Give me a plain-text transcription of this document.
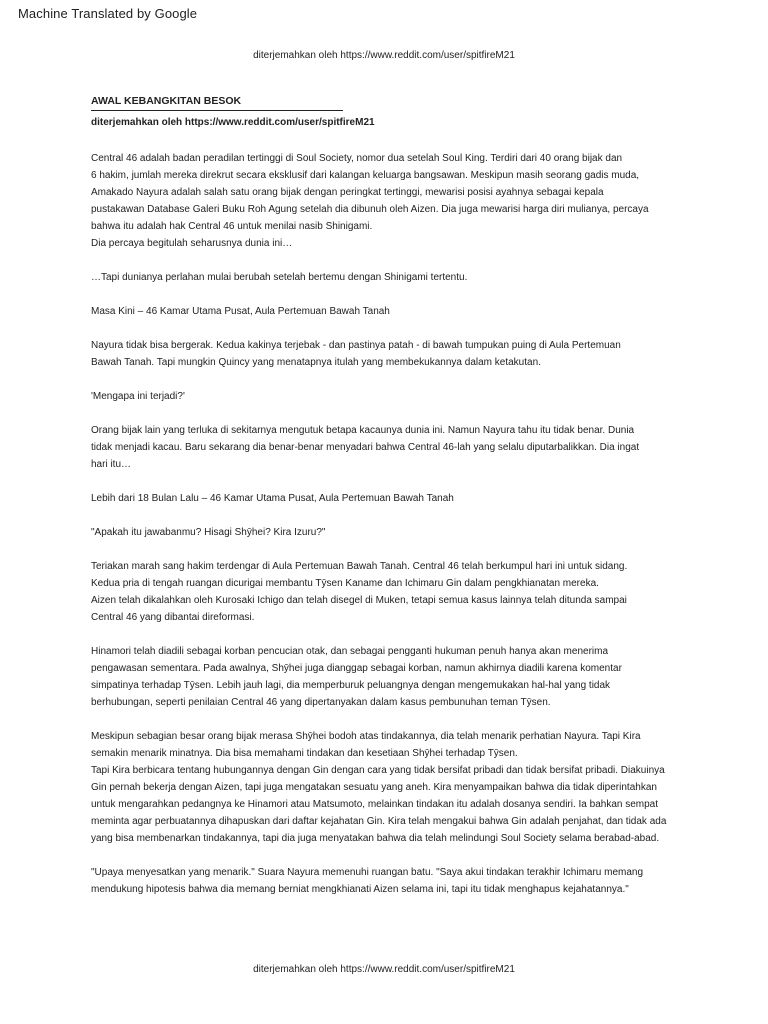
Machine Translated by Google
diterjemahkan oleh https://www.reddit.com/user/spitfireM21
AWAL KEBANGKITAN BESOK
diterjemahkan oleh https://www.reddit.com/user/spitfireM21
Central 46 adalah badan peradilan tertinggi di Soul Society, nomor dua setelah Soul King. Terdiri dari 40 orang bijak dan
6 hakim, jumlah mereka direkrut secara eksklusif dari kalangan keluarga bangsawan. Meskipun masih seorang gadis muda,
Amakado Nayura adalah salah satu orang bijak dengan peringkat tertinggi, mewarisi posisi ayahnya sebagai kepala
pustakawan Database Galeri Buku Roh Agung setelah dia dibunuh oleh Aizen. Dia juga mewarisi harga diri mulianya, percaya
bahwa itu adalah hak Central 46 untuk menilai nasib Shinigami.
Dia percaya begitulah seharusnya dunia ini…
…Tapi dunianya perlahan mulai berubah setelah bertemu dengan Shinigami tertentu.
Masa Kini – 46 Kamar Utama Pusat, Aula Pertemuan Bawah Tanah
Nayura tidak bisa bergerak. Kedua kakinya terjebak - dan pastinya patah - di bawah tumpukan puing di Aula Pertemuan
Bawah Tanah. Tapi mungkin Quincy yang menatapnya itulah yang membekukannya dalam ketakutan.
'Mengapa ini terjadi?'
Orang bijak lain yang terluka di sekitarnya mengutuk betapa kacaunya dunia ini. Namun Nayura tahu itu tidak benar. Dunia
tidak menjadi kacau. Baru sekarang dia benar-benar menyadari bahwa Central 46-lah yang selalu diputarbalikkan. Dia ingat
hari itu…
Lebih dari 18 Bulan Lalu – 46 Kamar Utama Pusat, Aula Pertemuan Bawah Tanah
"Apakah itu jawabanmu? Hisagi Shȳhei? Kira Izuru?"
Teriakan marah sang hakim terdengar di Aula Pertemuan Bawah Tanah. Central 46 telah berkumpul hari ini untuk sidang.
Kedua pria di tengah ruangan dicurigai membantu Tȳsen Kaname dan Ichimaru Gin dalam pengkhianatan mereka.
Aizen telah dikalahkan oleh Kurosaki Ichigo dan telah disegel di Muken, tetapi semua kasus lainnya telah ditunda sampai
Central 46 yang dibantai direformasi.
Hinamori telah diadili sebagai korban pencucian otak, dan sebagai pengganti hukuman penuh hanya akan menerima
pengawasan sementara. Pada awalnya, Shȳhei juga dianggap sebagai korban, namun akhirnya diadili karena komentar
simpatinya terhadap Tȳsen. Lebih jauh lagi, dia memperburuk peluangnya dengan mengemukakan hal-hal yang tidak
berhubungan, seperti penilaian Central 46 yang dipertanyakan dalam kasus pembunuhan teman Tȳsen.
Meskipun sebagian besar orang bijak merasa Shȳhei bodoh atas tindakannya, dia telah menarik perhatian Nayura. Tapi Kira
semakin menarik minatnya. Dia bisa memahami tindakan dan kesetiaan Shȳhei terhadap Tȳsen.
Tapi Kira berbicara tentang hubungannya dengan Gin dengan cara yang tidak bersifat pribadi dan tidak bersifat pribadi. Diakuinya
Gin pernah bekerja dengan Aizen, tapi juga mengatakan sesuatu yang aneh. Kira menyampaikan bahwa dia tidak diperintahkan
untuk mengarahkan pedangnya ke Hinamori atau Matsumoto, melainkan tindakan itu adalah dosanya sendiri. Ia bahkan sempat
meminta agar perbuatannya dihapuskan dari daftar kejahatan Gin. Kira telah mengakui bahwa Gin adalah penjahat, dan tidak ada
yang bisa membenarkan tindakannya, tapi dia juga menyatakan bahwa dia telah melindungi Soul Society selama berabad-abad.
"Upaya menyesatkan yang menarik." Suara Nayura memenuhi ruangan batu. "Saya akui tindakan terakhir Ichimaru memang
mendukung hipotesis bahwa dia memang berniat mengkhianati Aizen selama ini, tapi itu tidak menghapus kejahatannya."
diterjemahkan oleh https://www.reddit.com/user/spitfireM21
